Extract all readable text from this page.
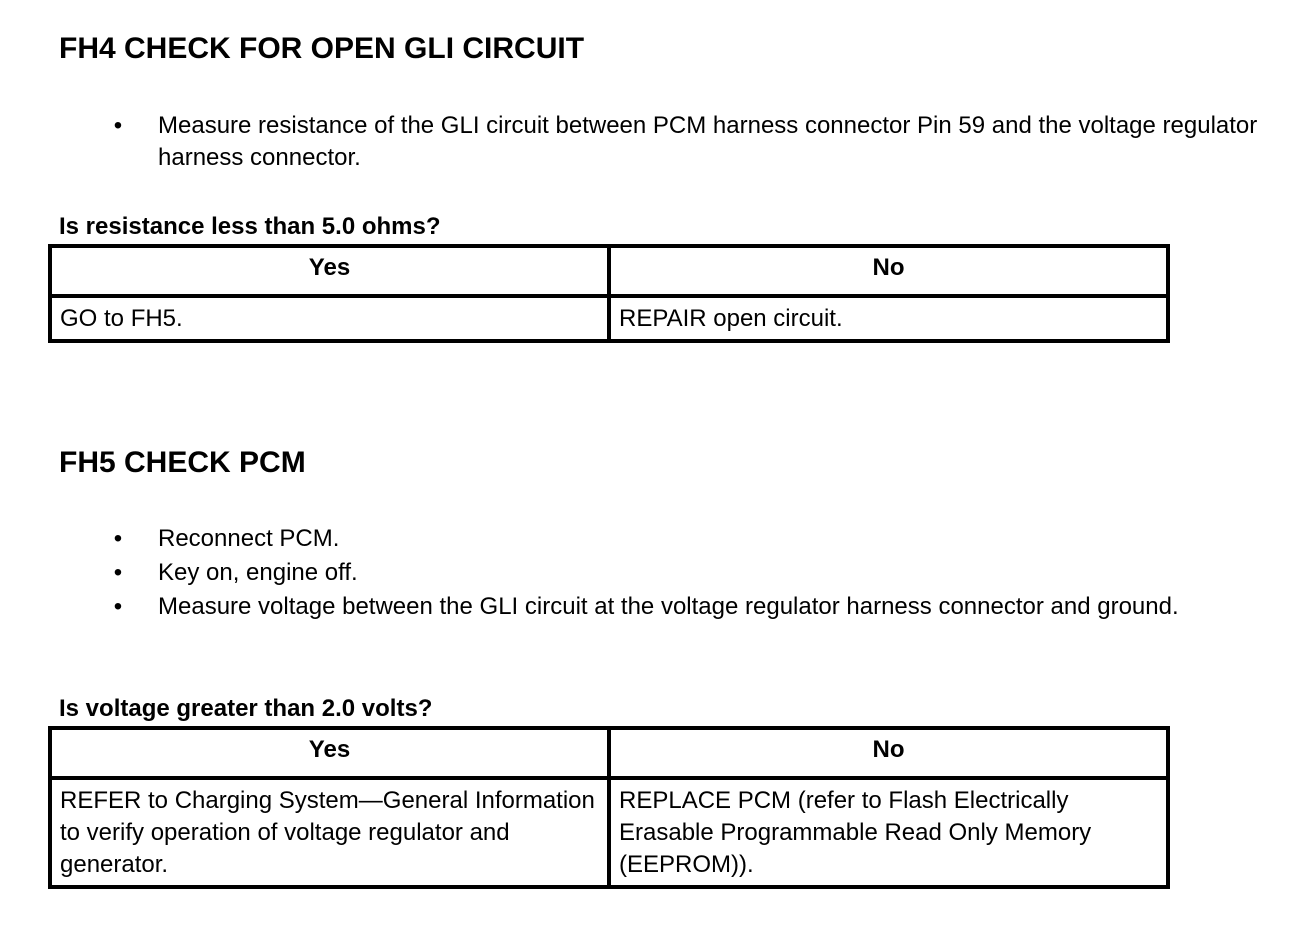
FH4 CHECK FOR OPEN GLI CIRCUIT
• Measure resistance of the GLI circuit between PCM harness connector Pin 59 and the voltage regulator harness connector.
Is resistance less than 5.0 ohms?
Yes	No
GO to FH5.	REPAIR open circuit.
FH5 CHECK PCM
• Reconnect PCM.
• Key on, engine off.
• Measure voltage between the GLI circuit at the voltage regulator harness connector and ground.
Is voltage greater than 2.0 volts?
Yes	No
REFER to Charging System—General Information to verify operation of voltage regulator and generator.	REPLACE PCM (refer to Flash Electrically Erasable Programmable Read Only Memory (EEPROM)).
